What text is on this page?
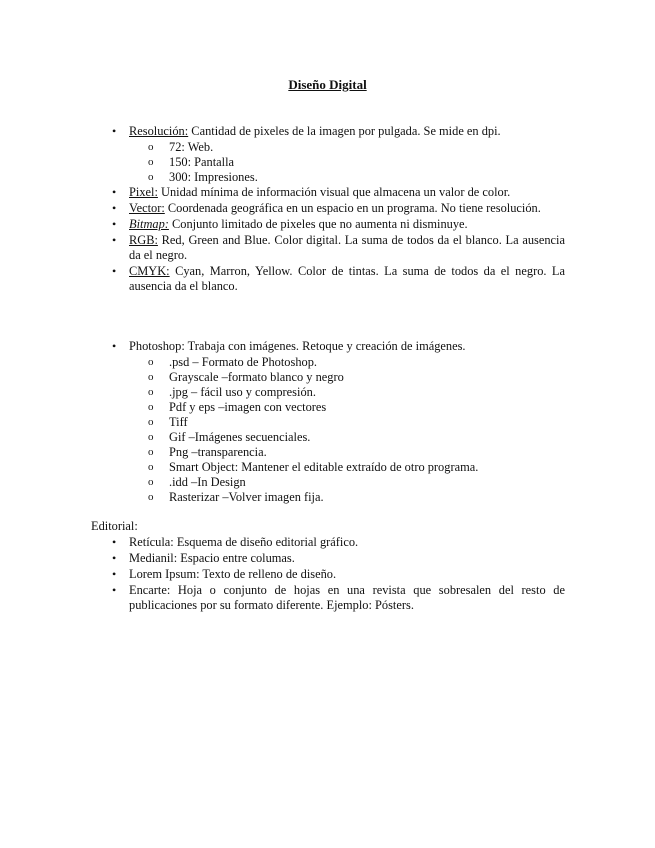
Diseño Digital
• Resolución: Cantidad de pixeles de la imagen por pulgada. Se mide en dpi.
o 72: Web.
o 150: Pantalla
o 300: Impresiones.
• Pixel: Unidad mínima de información visual que almacena un valor de color.
• Vector: Coordenada geográfica en un espacio en un programa. No tiene resolución.
• Bitmap: Conjunto limitado de pixeles que no aumenta ni disminuye.
• RGB: Red, Green and Blue. Color digital. La suma de todos da el blanco. La ausencia da el negro.
• CMYK: Cyan, Marron, Yellow. Color de tintas. La suma de todos da el negro. La ausencia da el blanco.
• Photoshop: Trabaja con imágenes. Retoque y creación de imágenes.
o .psd – Formato de Photoshop.
o Grayscale –formato blanco y negro
o .jpg – fácil uso y compresión.
o Pdf y eps –imagen con vectores
o Tiff
o Gif –Imágenes secuenciales.
o Png –transparencia.
o Smart Object: Mantener el editable extraído de otro programa.
o .idd –In Design
o Rasterizar –Volver imagen fija.
Editorial:
• Retícula: Esquema de diseño editorial gráfico.
• Medianil: Espacio entre columas.
• Lorem Ipsum: Texto de relleno de diseño.
• Encarte: Hoja o conjunto de hojas en una revista que sobresalen del resto de publicaciones por su formato diferente. Ejemplo: Pósters.
